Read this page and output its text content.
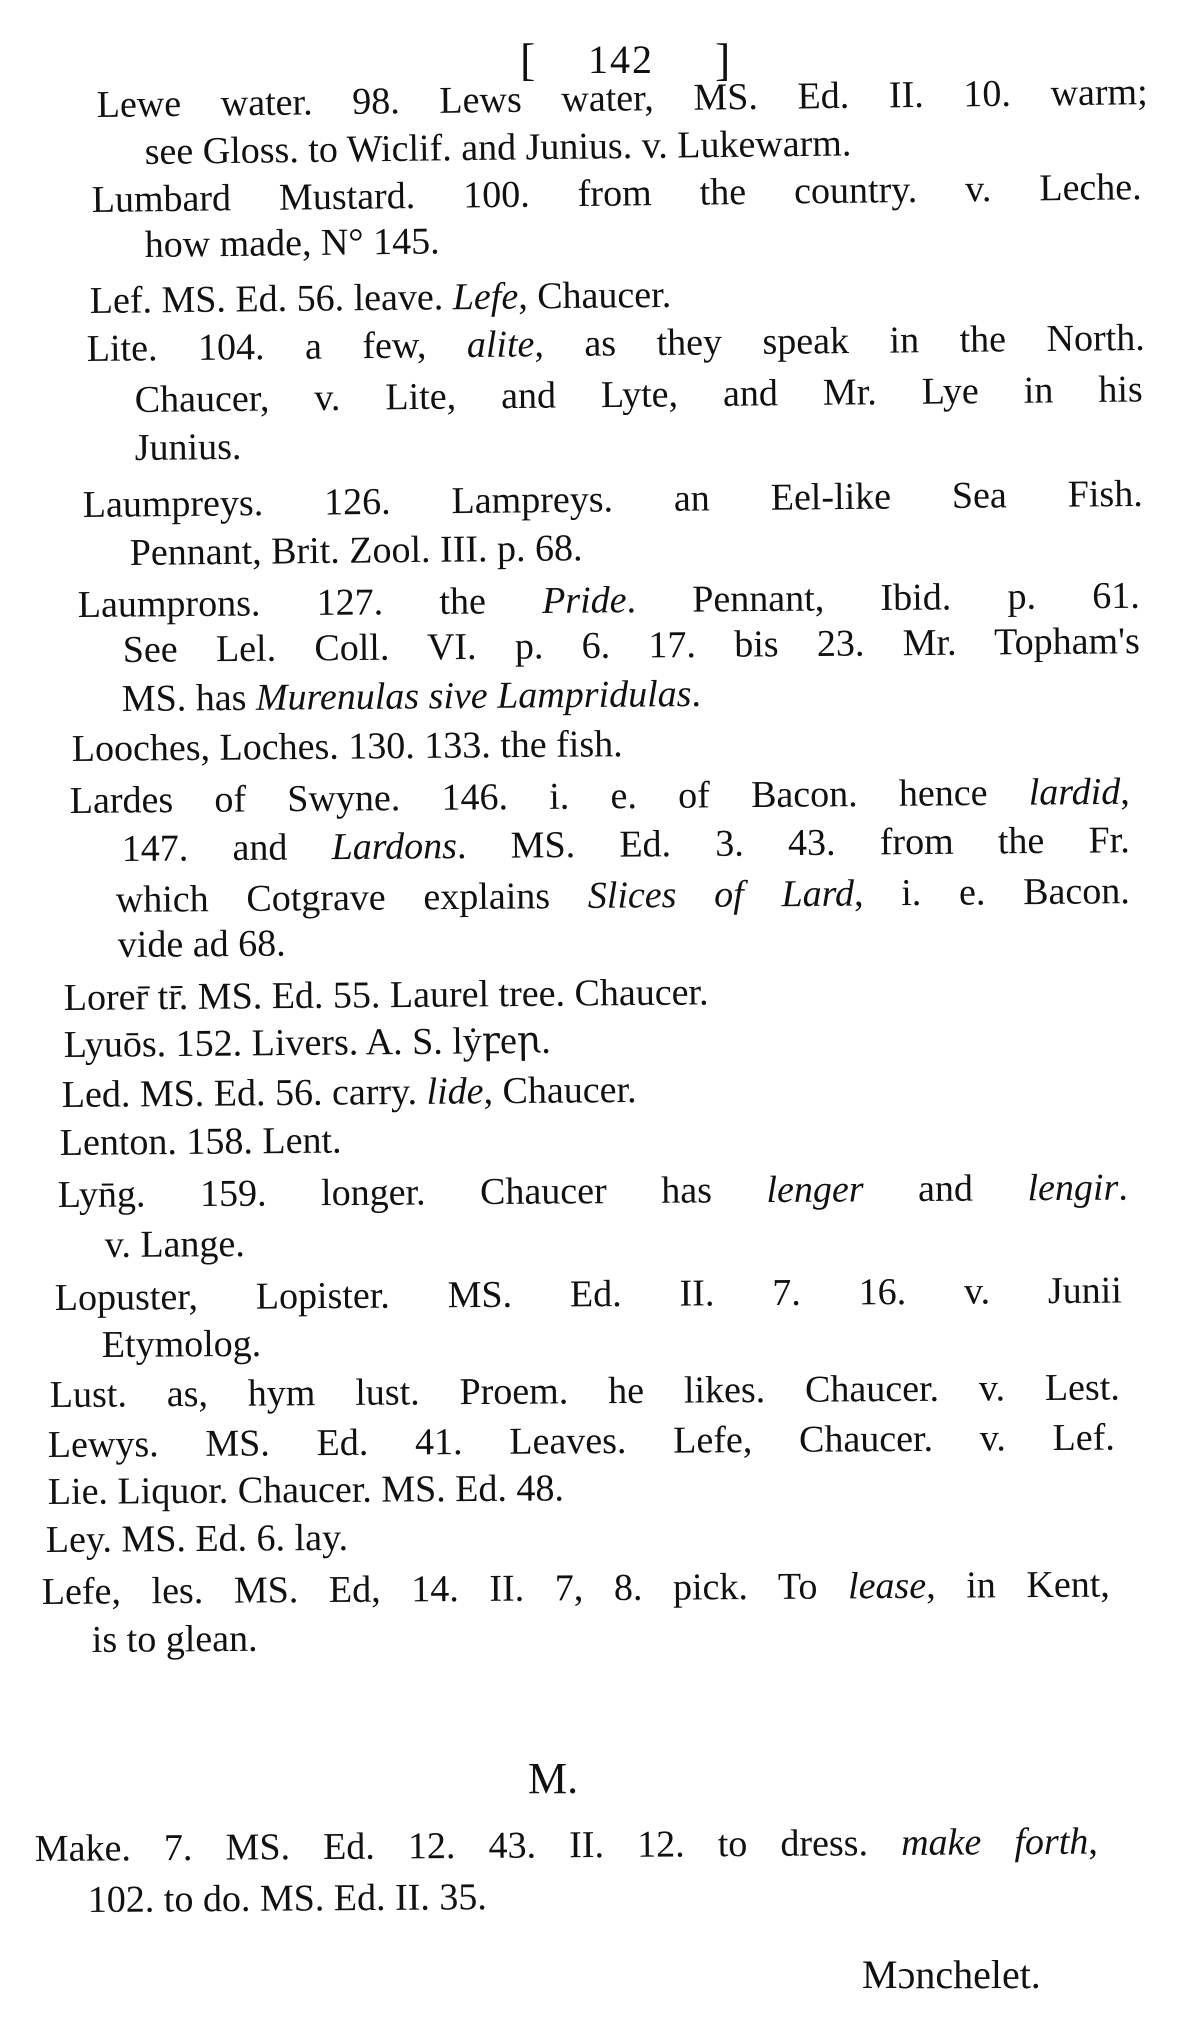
[ 142 ]
Lewe water. 98. Lews water, MS. Ed. II. 10. warm;
see Gloss. to Wiclif. and Junius. v. Lukewarm.
Lumbard Mustard. 100. from the country. v. Leche.
how made, N° 145.
Lef. MS. Ed. 56. leave. Lefe, Chaucer.
Lite. 104. a few, alite, as they speak in the North.
Chaucer, v. Lite, and Lyte, and Mr. Lye in his
Junius.
Laumpreys. 126. Lampreys. an Eel-like Sea Fish.
Pennant, Brit. Zool. III. p. 68.
Laumprons. 127. the Pride. Pennant, Ibid. p. 61.
See Lel. Coll. VI. p. 6. 17. bis 23. Mr. Topham's
MS. has Murenulas sive Lampridulas.
Looches, Loches. 130. 133. the fish.
Lardes of Swyne. 146. i. e. of Bacon. hence lardid,
147. and Lardons. MS. Ed. 3. 43. from the Fr.
which Cotgrave explains Slices of Lard, i. e. Bacon.
vide ad 68.
Lorer̄ tr̄. MS. Ed. 55. Laurel tree. Chaucer.
Lyuōs. 152. Livers. A. S. lẏꝼeꞃ.
Led. MS. Ed. 56. carry. lide, Chaucer.
Lenton. 158. Lent.
Lyn̄g. 159. longer. Chaucer has lenger and lengir.
v. Lange.
Lopuster, Lopister. MS. Ed. II. 7. 16. v. Junii
Etymolog.
Lust. as, hym lust. Proem. he likes. Chaucer. v. Lest.
Lewys. MS. Ed. 41. Leaves. Lefe, Chaucer. v. Lef.
Lie. Liquor. Chaucer. MS. Ed. 48.
Ley. MS. Ed. 6. lay.
Lefe, les. MS. Ed, 14. II. 7, 8. pick. To lease, in Kent,
is to glean.
Make. 7. MS. Ed. 12. 43. II. 12. to dress. make forth,
102. to do. MS. Ed. II. 35.
M.
Mɔnchelet.
